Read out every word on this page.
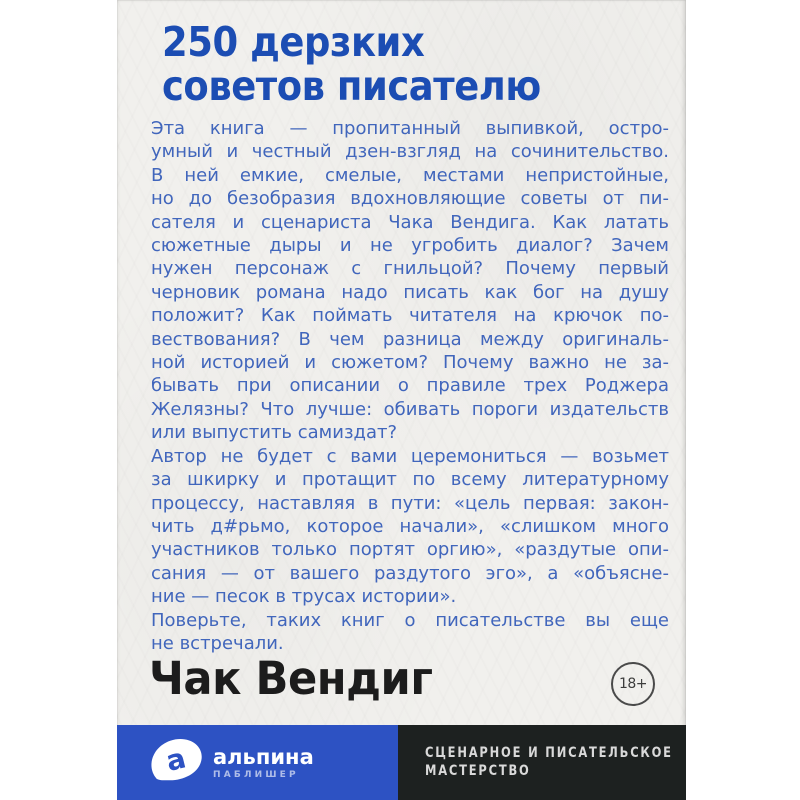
250 дерзких
советов писателю
Эта книга — пропитанный выпивкой, остро-
умный и честный дзен-взгляд на сочинительство.
В ней емкие, смелые, местами непристойные,
но до безобразия вдохновляющие советы от пи-
сателя и сценариста Чака Вендига. Как латать
сюжетные дыры и не угробить диалог? Зачем
нужен персонаж с гнильцой? Почему первый
черновик романа надо писать как бог на душу
положит? Как поймать читателя на крючок по-
вествования? В чем разница между оригиналь-
ной историей и сюжетом? Почему важно не за-
бывать при описании о правиле трех Роджера
Желязны? Что лучше: обивать пороги издательств
или выпустить самиздат?
Автор не будет с вами церемониться — возьмет
за шкирку и протащит по всему литературному
процессу, наставляя в пути: «цель первая: закон-
чить д#рьмо, которое начали», «слишком много
участников только портят оргию», «раздутые опи-
сания — от вашего раздутого эго», а «объясне-
ние — песок в трусах истории».
Поверьте, таких книг о писательстве вы еще
не встречали.
Чак Вендиг	18+
a альпина
ПАБЛИШЕР
СЦЕНАРНОЕ И ПИСАТЕЛЬСКОЕ
МАСТЕРСТВО
